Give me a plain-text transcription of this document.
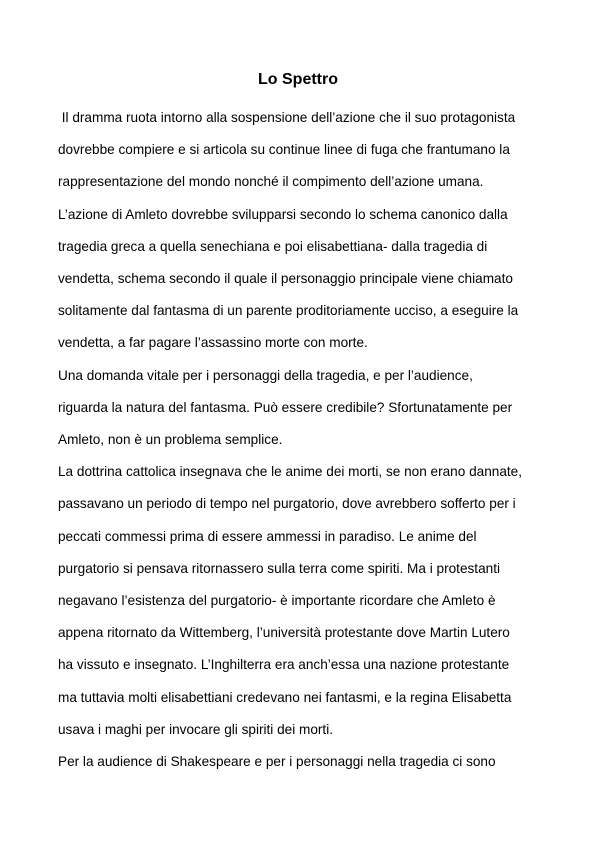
Lo Spettro
Il dramma ruota intorno alla sospensione dell’azione che il suo protagonista
dovrebbe compiere e si articola su continue linee di fuga che frantumano la
rappresentazione del mondo nonché il compimento dell’azione umana.
L’azione di Amleto dovrebbe svilupparsi secondo lo schema canonico dalla
tragedia greca a quella senechiana e poi elisabettiana- dalla tragedia di
vendetta, schema secondo il quale il personaggio principale viene chiamato
solitamente dal fantasma di un parente proditoriamente ucciso, a eseguire la
vendetta, a far pagare l’assassino morte con morte.
Una domanda vitale per i personaggi della tragedia, e per l’audience,
riguarda la natura del fantasma. Può essere credibile? Sfortunatamente per
Amleto, non è un problema semplice.
La dottrina cattolica insegnava che le anime dei morti, se non erano dannate,
passavano un periodo di tempo nel purgatorio, dove avrebbero sofferto per i
peccati commessi prima di essere ammessi in paradiso. Le anime del
purgatorio si pensava ritornassero sulla terra come spiriti. Ma i protestanti
negavano l’esistenza del purgatorio- è importante ricordare che Amleto è
appena ritornato da Wittemberg, l’università protestante dove Martin Lutero
ha vissuto e insegnato. L’Inghilterra era anch’essa una nazione protestante
ma tuttavia molti elisabettiani credevano nei fantasmi, e la regina Elisabetta
usava i maghi per invocare gli spiriti dei morti.
Per la audience di Shakespeare e per i personaggi nella tragedia ci sono
